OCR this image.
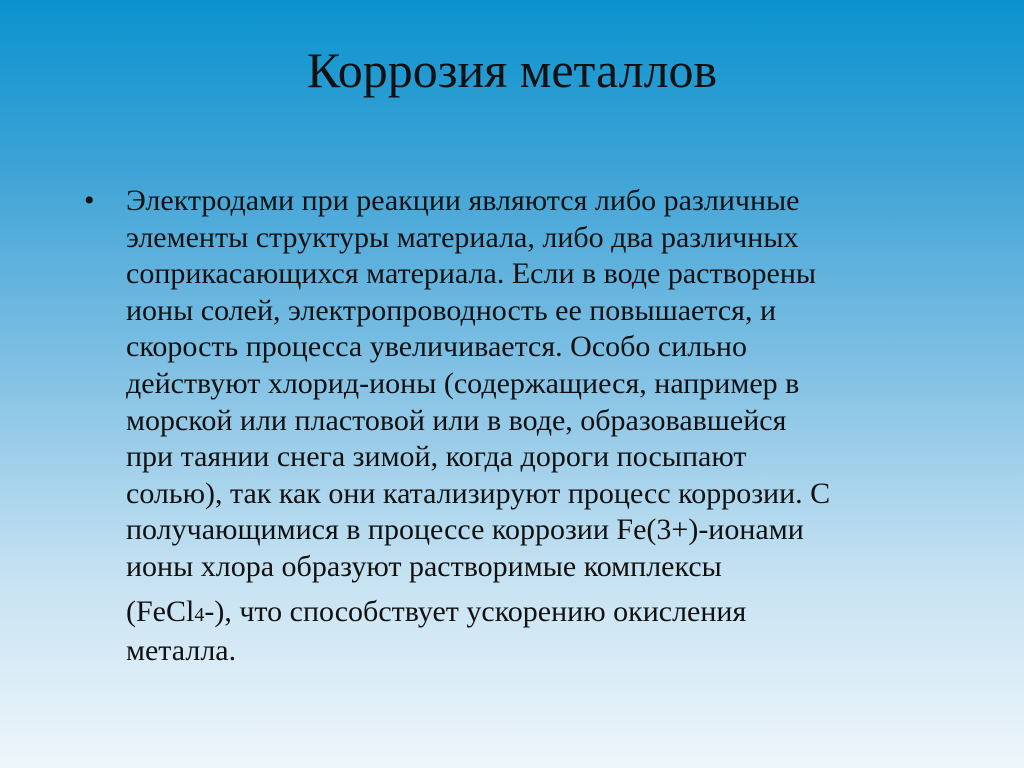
Коррозия металлов
• Электродами при реакции являются либо различные
элементы структуры материала, либо два различных
соприкасающихся материала. Если в воде растворены
ионы солей, электропроводность ее повышается, и
скорость процесса увеличивается. Особо сильно
действуют хлорид-ионы (содержащиеся, например в
морской или пластовой или в воде, образовавшейся
при таянии снега зимой, когда дороги посыпают
солью), так как они катализируют процесс коррозии. С
получающимися в процессе коррозии Fe(3+)-ионами
ионы хлора образуют растворимые комплексы
(FeCl4-), что способствует ускорению окисления
металла.
